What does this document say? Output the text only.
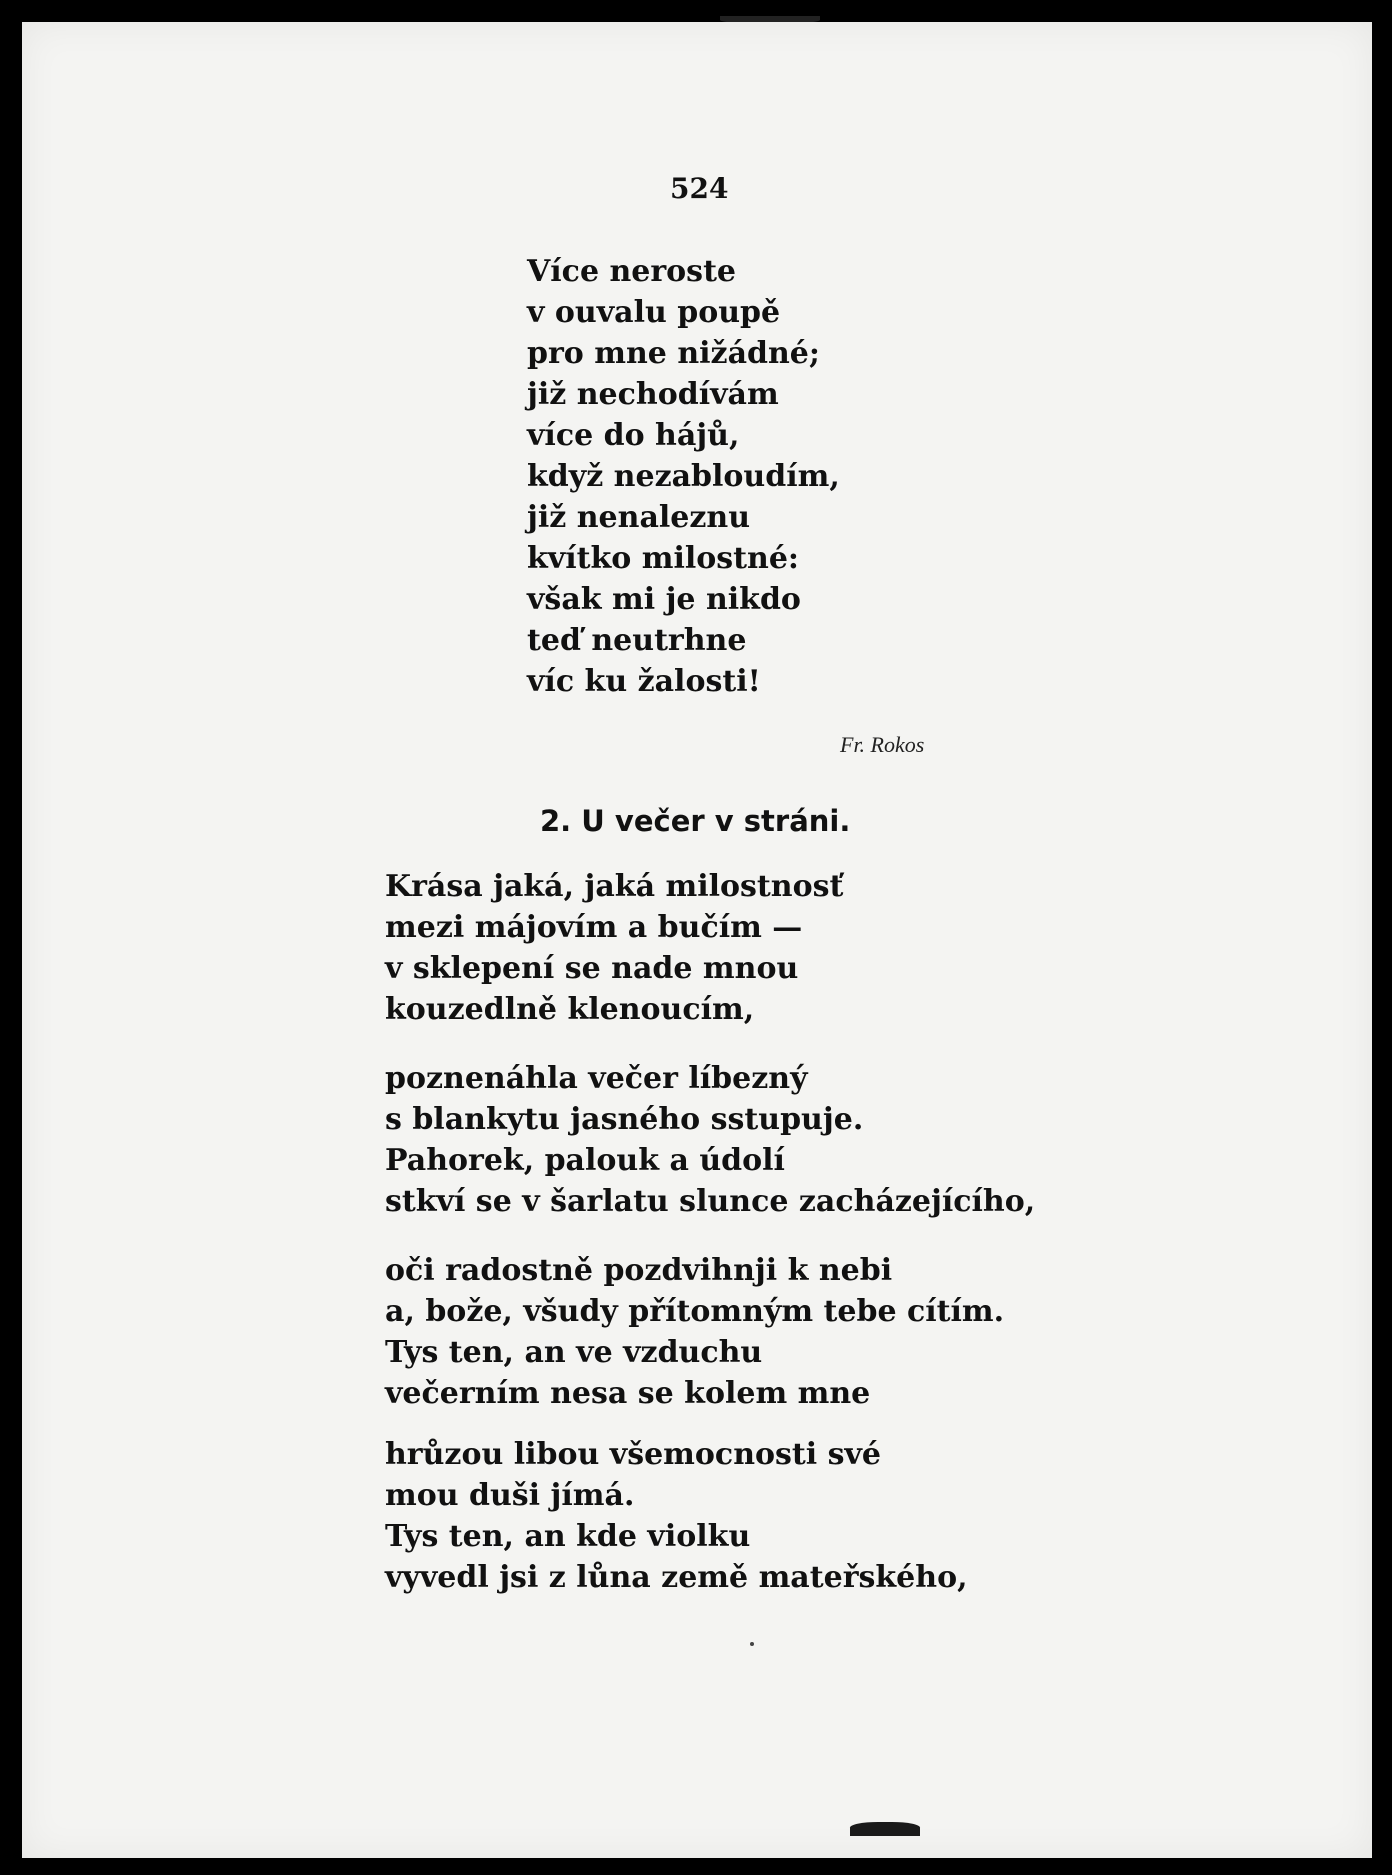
524
Více neroste
v ouvalu poupě
pro mne nižádné;
již nechodívám
více do hájů,
když nezabloudím,
již nenaleznu
kvítko milostné:
však mi je nikdo
teď neutrhne
víc ku žalosti!
Fr. Rokos
2. U večer v stráni.
Krása jaká, jaká milostnosť
mezi májovím a bučím —
v sklepení se nade mnou
kouzedlně klenoucím,
poznenáhla večer líbezný
s blankytu jasného sstupuje.
Pahorek, palouk a údolí
stkví se v šarlatu slunce zacházejícího,
oči radostně pozdvihnji k nebi
a, bože, všudy přítomným tebe cítím.
Tys ten, an ve vzduchu
večerním nesa se kolem mne
hrůzou libou všemocnosti své
mou duši jímá.
Tys ten, an kde violku
vyvedl jsi z lůna země mateřského,
